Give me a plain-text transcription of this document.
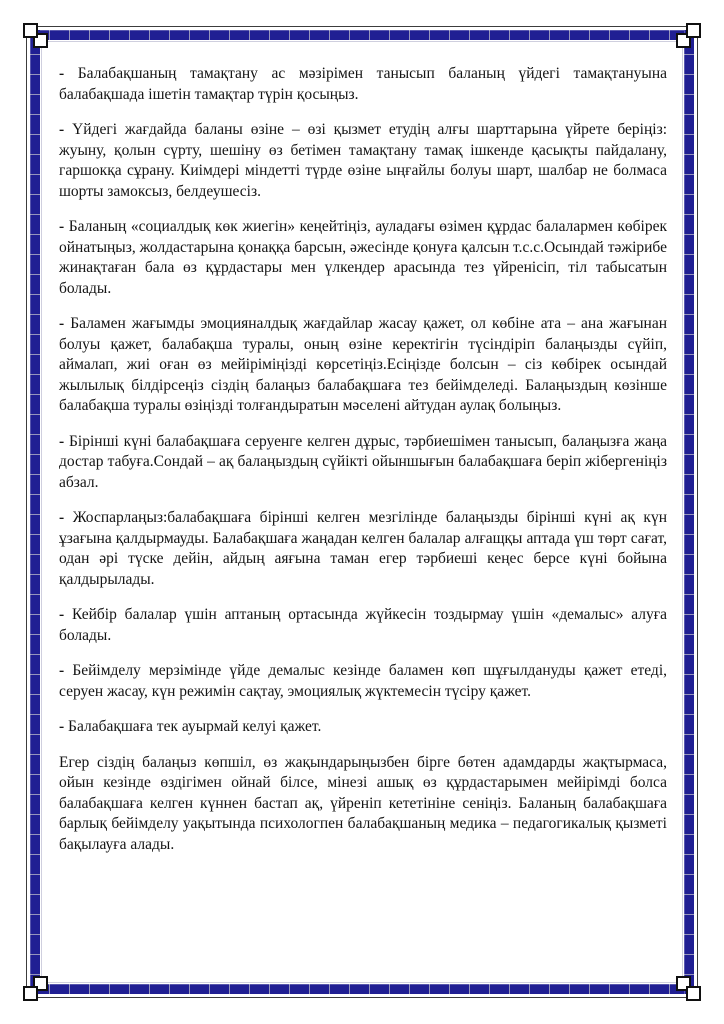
- Балабақшаның тамақтану ас мәзірімен танысып баланың үйдегі тамақтануына балабақшада ішетін тамақтар түрін қосыңыз.

- Үйдегі жағдайда баланы өзіне – өзі қызмет етудің алғы шарттарына үйрете беріңіз: жуыну, қолын сүрту, шешіну өз бетімен тамақтану тамақ ішкенде қасықты пайдалану, гаршокқа сұрану. Киімдері міндетті түрде өзіне ыңғайлы болуы шарт, шалбар не болмаса шорты замоксыз, белдеушесіз.

- Баланың «социалдық көк жиегін» кеңейтіңіз, ауладағы өзімен құрдас балалармен көбірек ойнатыңыз, жолдастарына қонаққа барсын, әжесінде қонуға қалсын т.с.с.Осындай тәжірибе жинақтаған бала өз құрдастары мен үлкендер арасында тез үйренісіп, тіл табысатын болады.

- Баламен жағымды эмоцияналдық жағдайлар жасау қажет, ол көбіне ата – ана жағынан болуы қажет, балабақша туралы, оның өзіне керектігін түсіндіріп балаңызды сүйіп, аймалап, жиі оған өз мейіріміңізді көрсетіңіз.Есіңізде болсын – сіз көбірек осындай жылылық білдірсеңіз сіздің балаңыз балабақшаға тез бейімделеді. Балаңыздың көзінше балабақша туралы өзіңізді толғандыратын мәселені айтудан аулақ болыңыз.

- Бірінші күні балабақшаға серуенге келген дұрыс, тәрбиешімен танысып, балаңызға жаңа достар табуға.Сондай – ақ балаңыздың сүйікті ойыншығын балабақшаға беріп жібергеніңіз абзал.

- Жоспарлаңыз:балабақшаға бірінші келген мезгілінде балаңызды бірінші күні ақ күн ұзағына қалдырмауды. Балабақшаға жаңадан келген балалар алғащқы аптада үш төрт сағат, одан әрі түске дейін, айдың аяғына таман егер тәрбиеші кеңес берсе күні бойына қалдырылады.

- Кейбір балалар үшін аптаның ортасында жүйкесін тоздырмау үшін «демалыс» алуға болады.

- Бейімделу мерзімінде үйде демалыс кезінде баламен көп шұғылдануды қажет етеді, серуен жасау, күн режимін сақтау, эмоциялық жүктемесін түсіру қажет.

- Балабақшаға тек ауырмай келуі қажет.

Егер сіздің балаңыз көпшіл, өз жақындарыңызбен бірге бөтен адамдарды жақтырмаса, ойын кезінде өздігімен ойнай білсе, мінезі ашық өз құрдастарымен мейірімді болса балабақшаға келген күннен бастап ақ, үйреніп кететініне сеніңіз. Баланың балабақшаға барлық бейімделу уақытында психологпен балабақшаның медика – педагогикалық қызметі бақылауға алады.
